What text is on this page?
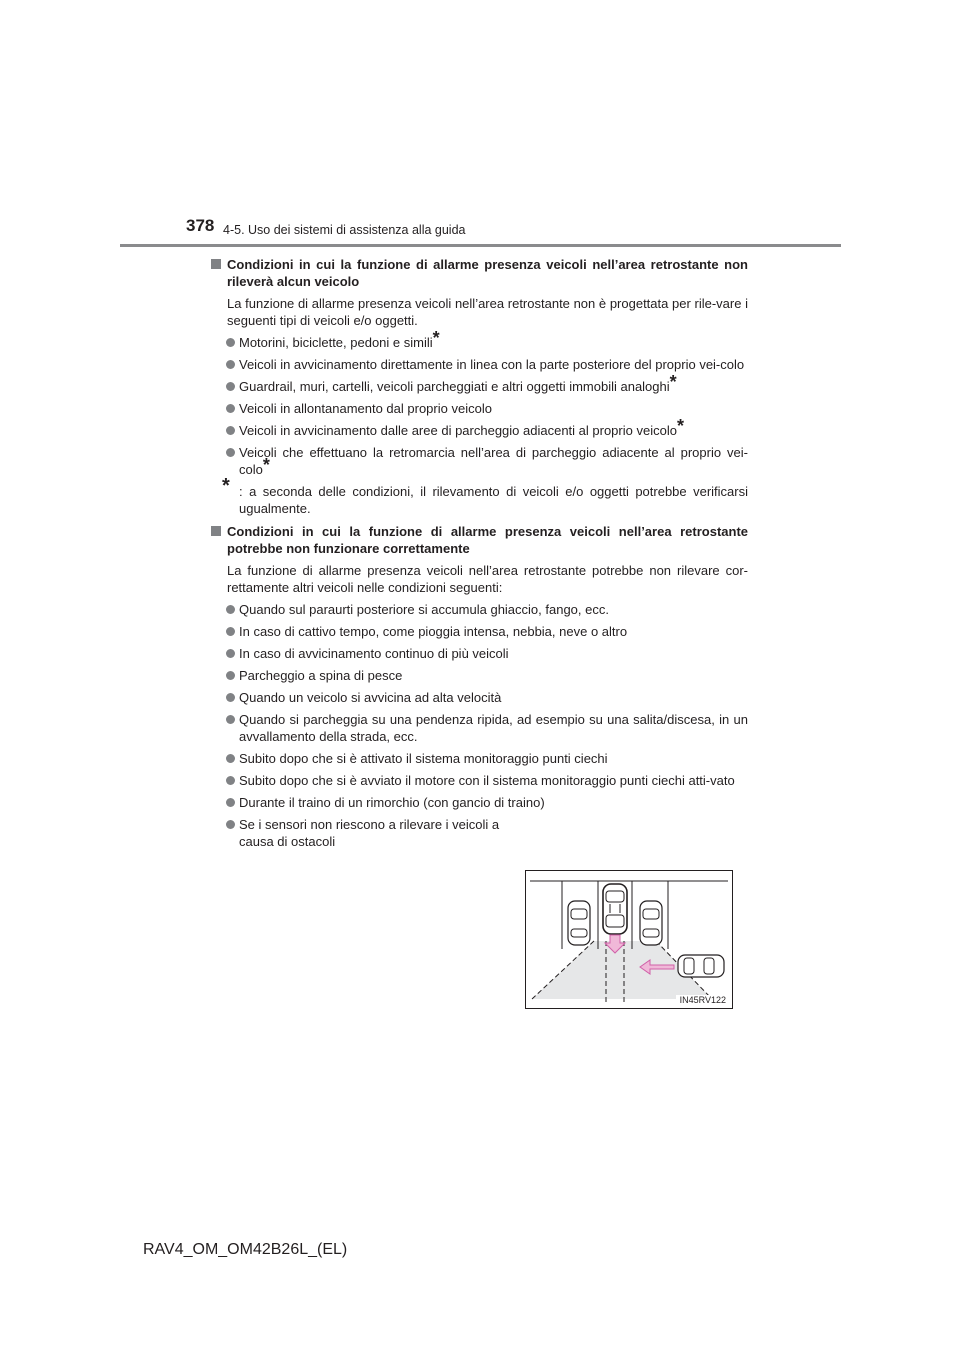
378 4-5. Uso dei sistemi di assistenza alla guida
Condizioni in cui la funzione di allarme presenza veicoli nell’area retrostante non rileverà alcun veicolo
La funzione di allarme presenza veicoli nell’area retrostante non è progettata per rile-vare i seguenti tipi di veicoli e/o oggetti.
Motorini, biciclette, pedoni e simili*
Veicoli in avvicinamento direttamente in linea con la parte posteriore del proprio vei-colo
Guardrail, muri, cartelli, veicoli parcheggiati e altri oggetti immobili analoghi*
Veicoli in allontanamento dal proprio veicolo
Veicoli in avvicinamento dalle aree di parcheggio adiacenti al proprio veicolo*
Veicoli che effettuano la retromarcia nell’area di parcheggio adiacente al proprio vei-colo*
* : a seconda delle condizioni, il rilevamento di veicoli e/o oggetti potrebbe verificarsi ugualmente.
Condizioni in cui la funzione di allarme presenza veicoli nell’area retrostante potrebbe non funzionare correttamente
La funzione di allarme presenza veicoli nell’area retrostante potrebbe non rilevare cor-rettamente altri veicoli nelle condizioni seguenti:
Quando sul paraurti posteriore si accumula ghiaccio, fango, ecc.
In caso di cattivo tempo, come pioggia intensa, nebbia, neve o altro
In caso di avvicinamento continuo di più veicoli
Parcheggio a spina di pesce
Quando un veicolo si avvicina ad alta velocità
Quando si parcheggia su una pendenza ripida, ad esempio su una salita/discesa, in un avvallamento della strada, ecc.
Subito dopo che si è attivato il sistema monitoraggio punti ciechi
Subito dopo che si è avviato il motore con il sistema monitoraggio punti ciechi atti-vato
Durante il traino di un rimorchio (con gancio di traino)
Se i sensori non riescono a rilevare i veicoli a causa di ostacoli
IN45RV122
RAV4_OM_OM42B26L_(EL)
